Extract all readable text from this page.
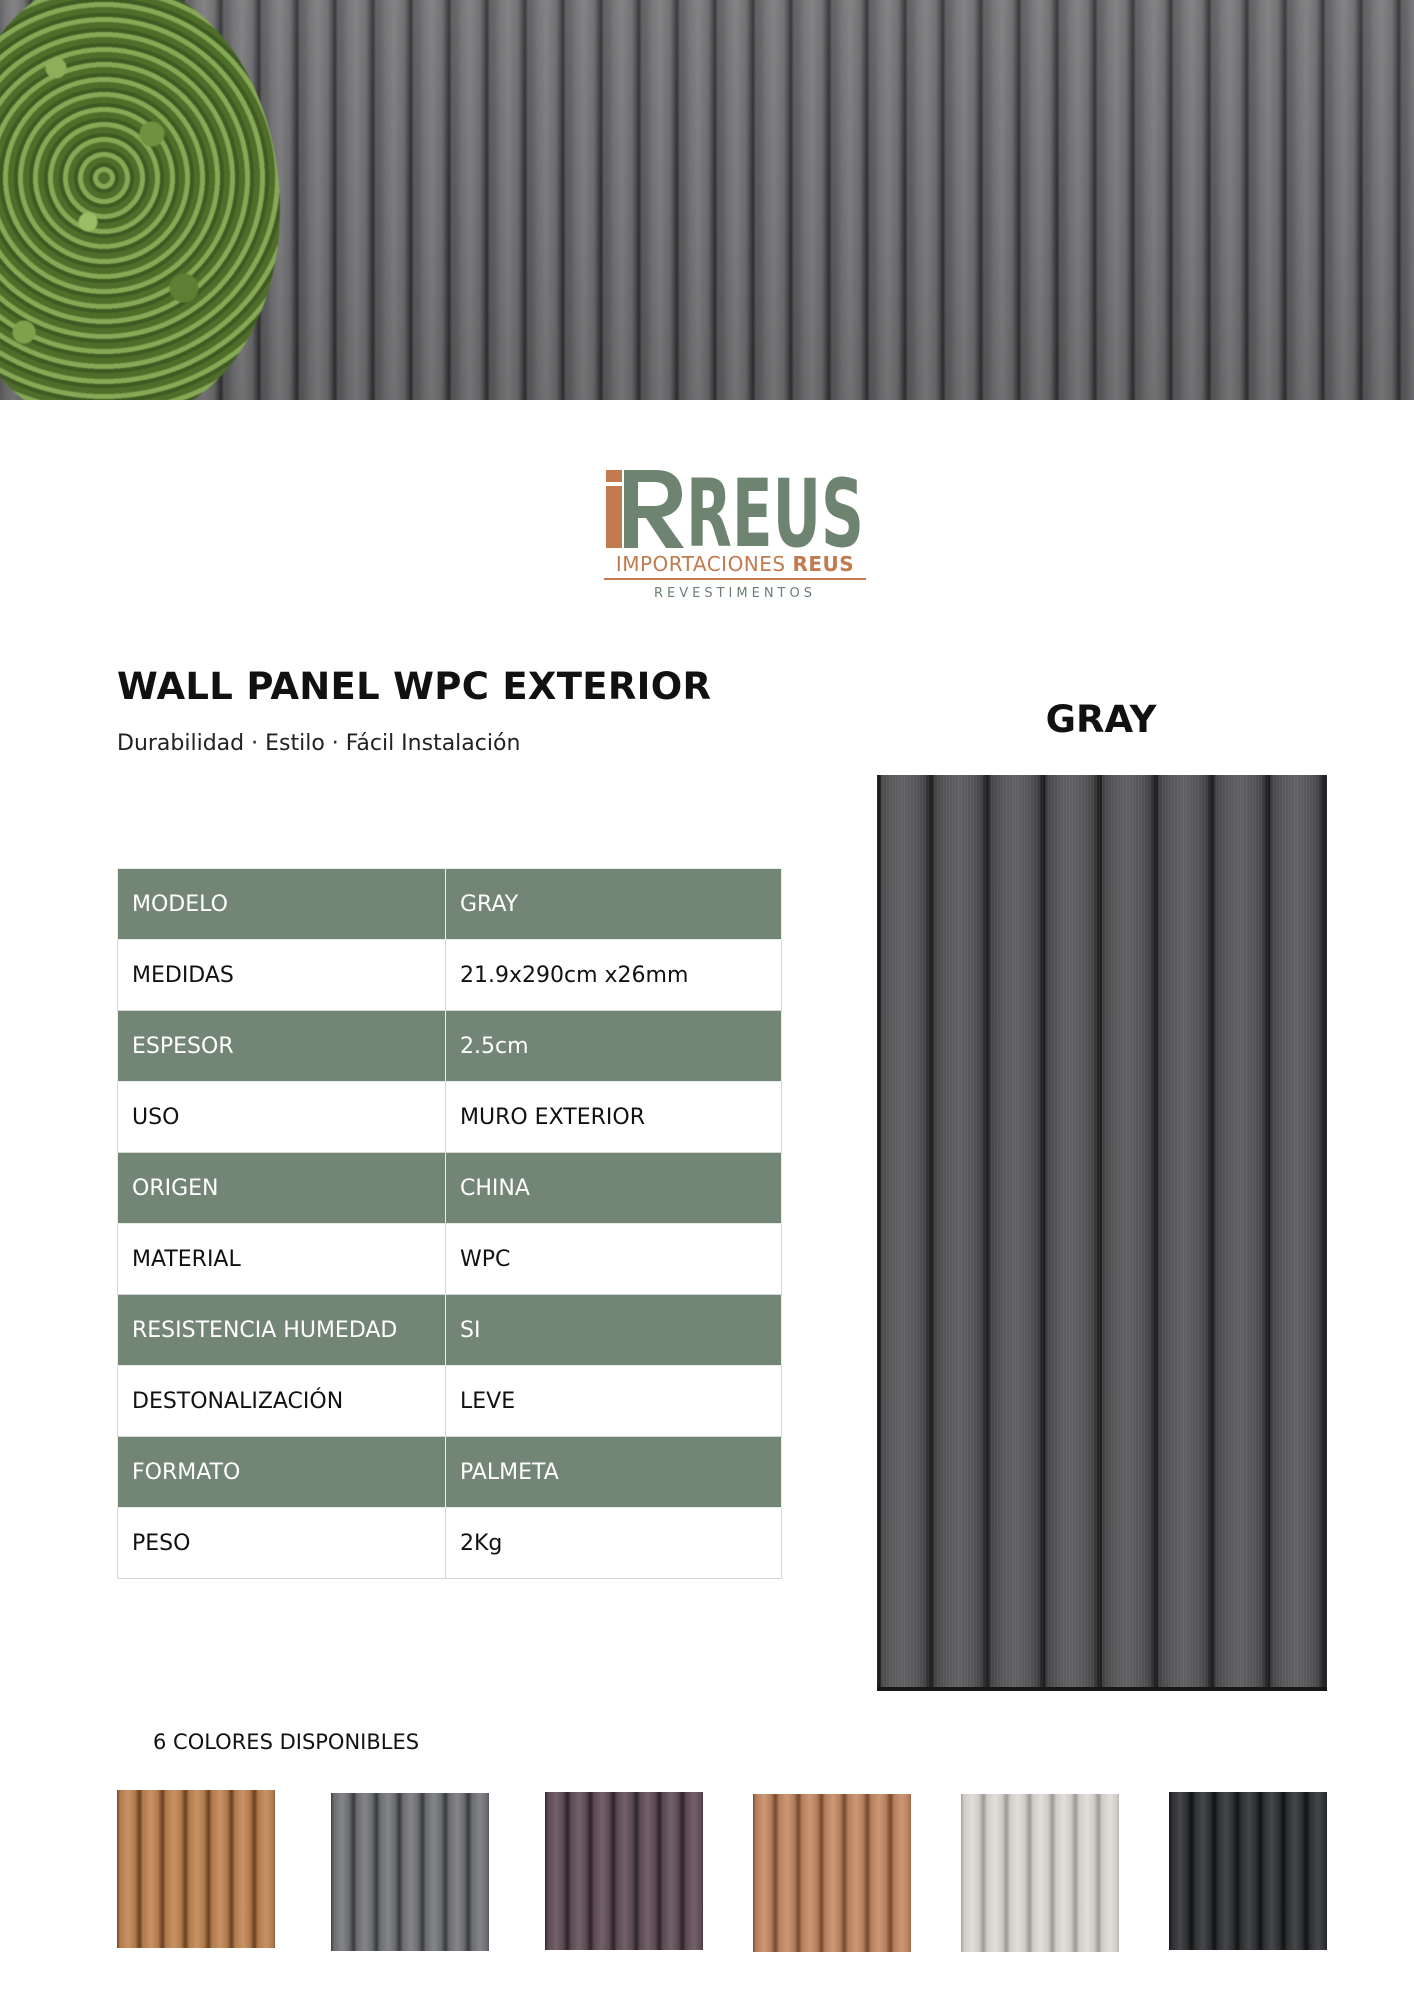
REUS
IMPORTACIONES REUS
REVESTIMENTOS
WALL PANEL WPC EXTERIOR
Durabilidad · Estilo · Fácil Instalación
MODELO	GRAY
MEDIDAS	21.9x290cm x26mm
ESPESOR	2.5cm
USO	MURO EXTERIOR
ORIGEN	CHINA
MATERIAL	WPC
RESISTENCIA HUMEDAD	SI
DESTONALIZACIÓN	LEVE
FORMATO	PALMETA
PESO	2Kg
GRAY
6 COLORES DISPONIBLES
